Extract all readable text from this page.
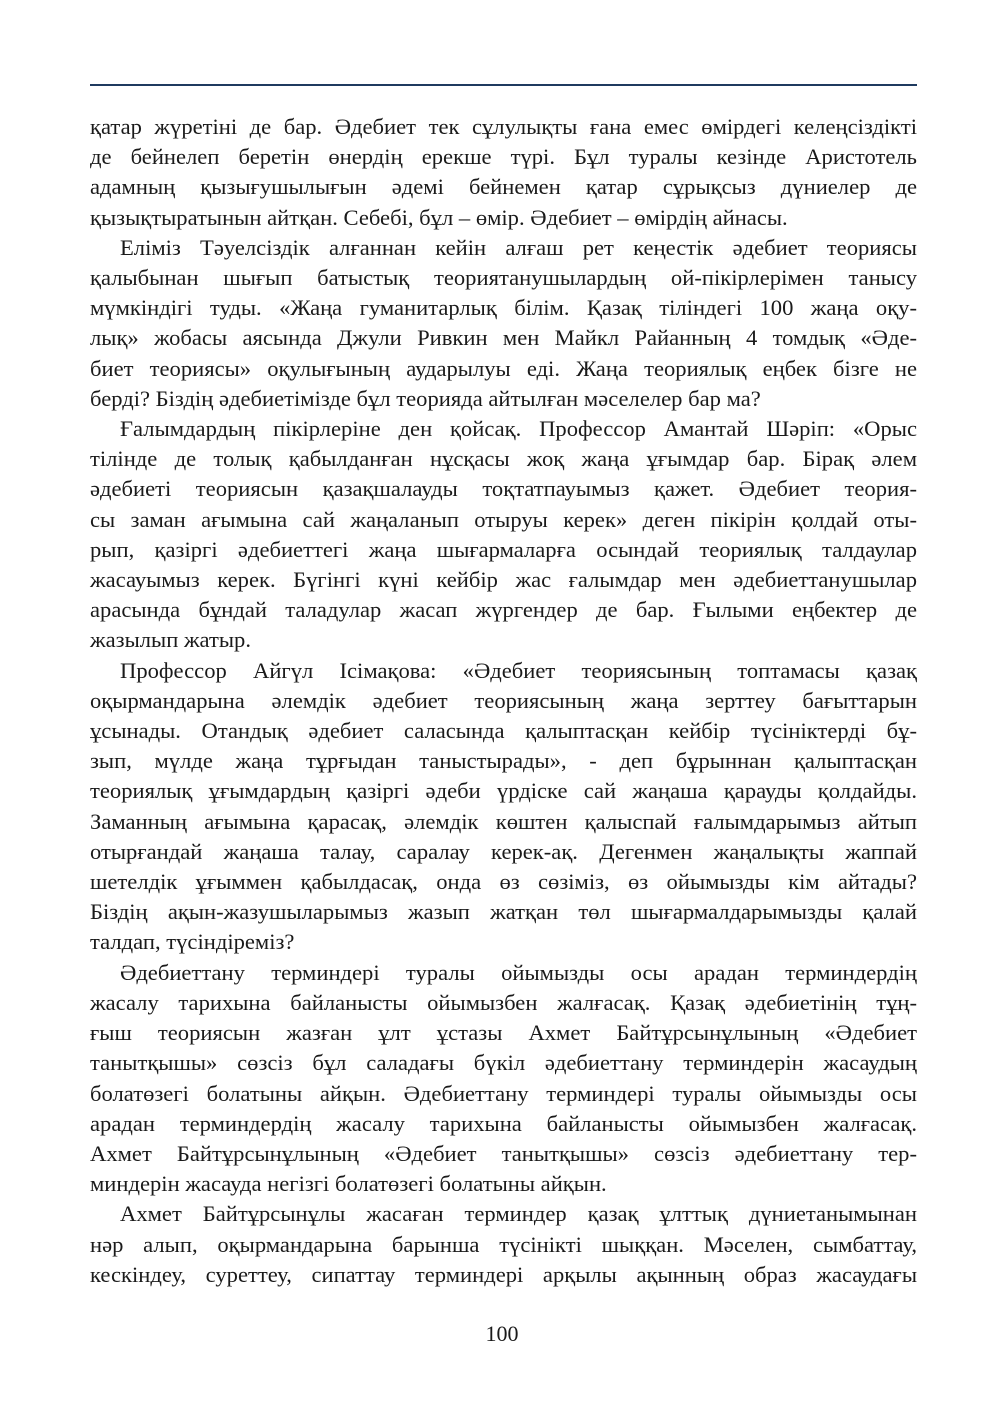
қатар жүретіні де бар. Әдебиет тек сұлулықты ғана емес өмірдегі келеңсіздікті
де бейнелеп беретін өнердің ерекше түрі. Бұл туралы кезінде Аристотель
адамның қызығушылығын әдемі бейнемен қатар сұрықсыз дүниелер де
қызықтыратынын айтқан. Себебі, бұл – өмір. Әдебиет – өмірдің айнасы.
Еліміз Тәуелсіздік алғаннан кейін алғаш рет кеңестік әдебиет теориясы
қалыбынан шығып батыстық теориятанушылардың ой-пікірлерімен танысу
мүмкіндігі туды. «Жаңа гуманитарлық білім. Қазақ тіліндегі 100 жаңа оқу-
лық» жобасы аясында Джули Ривкин мен Майкл Райанның 4 томдық «Әде-
биет теориясы» оқулығының аударылуы еді. Жаңа теориялық еңбек бізге не
берді? Біздің әдебиетімізде бұл теорияда айтылған мәселелер бар ма?
Ғалымдардың пікірлеріне ден қойсақ. Профессор Амантай Шәріп: «Орыс
тілінде де толық қабылданған нұсқасы жоқ жаңа ұғымдар бар. Бірақ әлем
әдебиеті теориясын қазақшалауды тоқтатпауымыз қажет. Әдебиет теория-
сы заман ағымына сай жаңаланып отыруы керек» деген пікірін қолдай оты-
рып, қазіргі әдебиеттегі жаңа шығармаларға осындай теориялық талдаулар
жасауымыз керек. Бүгінгі күні кейбір жас ғалымдар мен әдебиеттанушылар
арасында бұндай таладулар жасап жүргендер де бар. Ғылыми еңбектер де
жазылып жатыр.
Профессор Айгүл Ісімақова: «Әдебиет теориясының топтамасы қазақ
оқырмандарына әлемдік әдебиет теориясының жаңа зерттеу бағыттарын
ұсынады. Отандық әдебиет саласында қалыптасқан кейбір түсініктерді бұ-
зып, мүлде жаңа тұрғыдан таныстырады», - деп бұрыннан қалыптасқан
теориялық ұғымдардың қазіргі әдеби үрдіске сай жаңаша қарауды қолдайды.
Заманның ағымына қарасақ, әлемдік көштен қалыспай ғалымдарымыз айтып
отырғандай жаңаша талау, саралау керек-ақ. Дегенмен жаңалықты жаппай
шетелдік ұғыммен қабылдасақ, онда өз сөзіміз, өз ойымызды кім айтады?
Біздің ақын-жазушыларымыз жазып жатқан төл шығармалдарымызды қалай
талдап, түсіндіреміз?
Әдебиеттану терминдері туралы ойымызды осы арадан терминдердің
жасалу тарихына байланысты ойымызбен жалғасақ. Қазақ әдебиетінің тұң-
ғыш теориясын жазған ұлт ұстазы Ахмет Байтұрсынұлының «Әдебиет
танытқышы» сөзсіз бұл саладағы бүкіл әдебиеттану терминдерін жасаудың
болатөзегі болатыны айқын. Әдебиеттану терминдері туралы ойымызды осы
арадан терминдердің жасалу тарихына байланысты ойымызбен жалғасақ.
Ахмет Байтұрсынұлының «Әдебиет танытқышы» сөзсіз әдебиеттану тер-
миндерін жасауда негізгі болатөзегі болатыны айқын.
Ахмет Байтұрсынұлы жасаған терминдер қазақ ұлттық дүниетанымынан
нәр алып, оқырмандарына барынша түсінікті шыққан. Мәселен, сымбаттау,
кескіндеу, суреттеу, сипаттау терминдері арқылы ақынның образ жасаудағы
100
